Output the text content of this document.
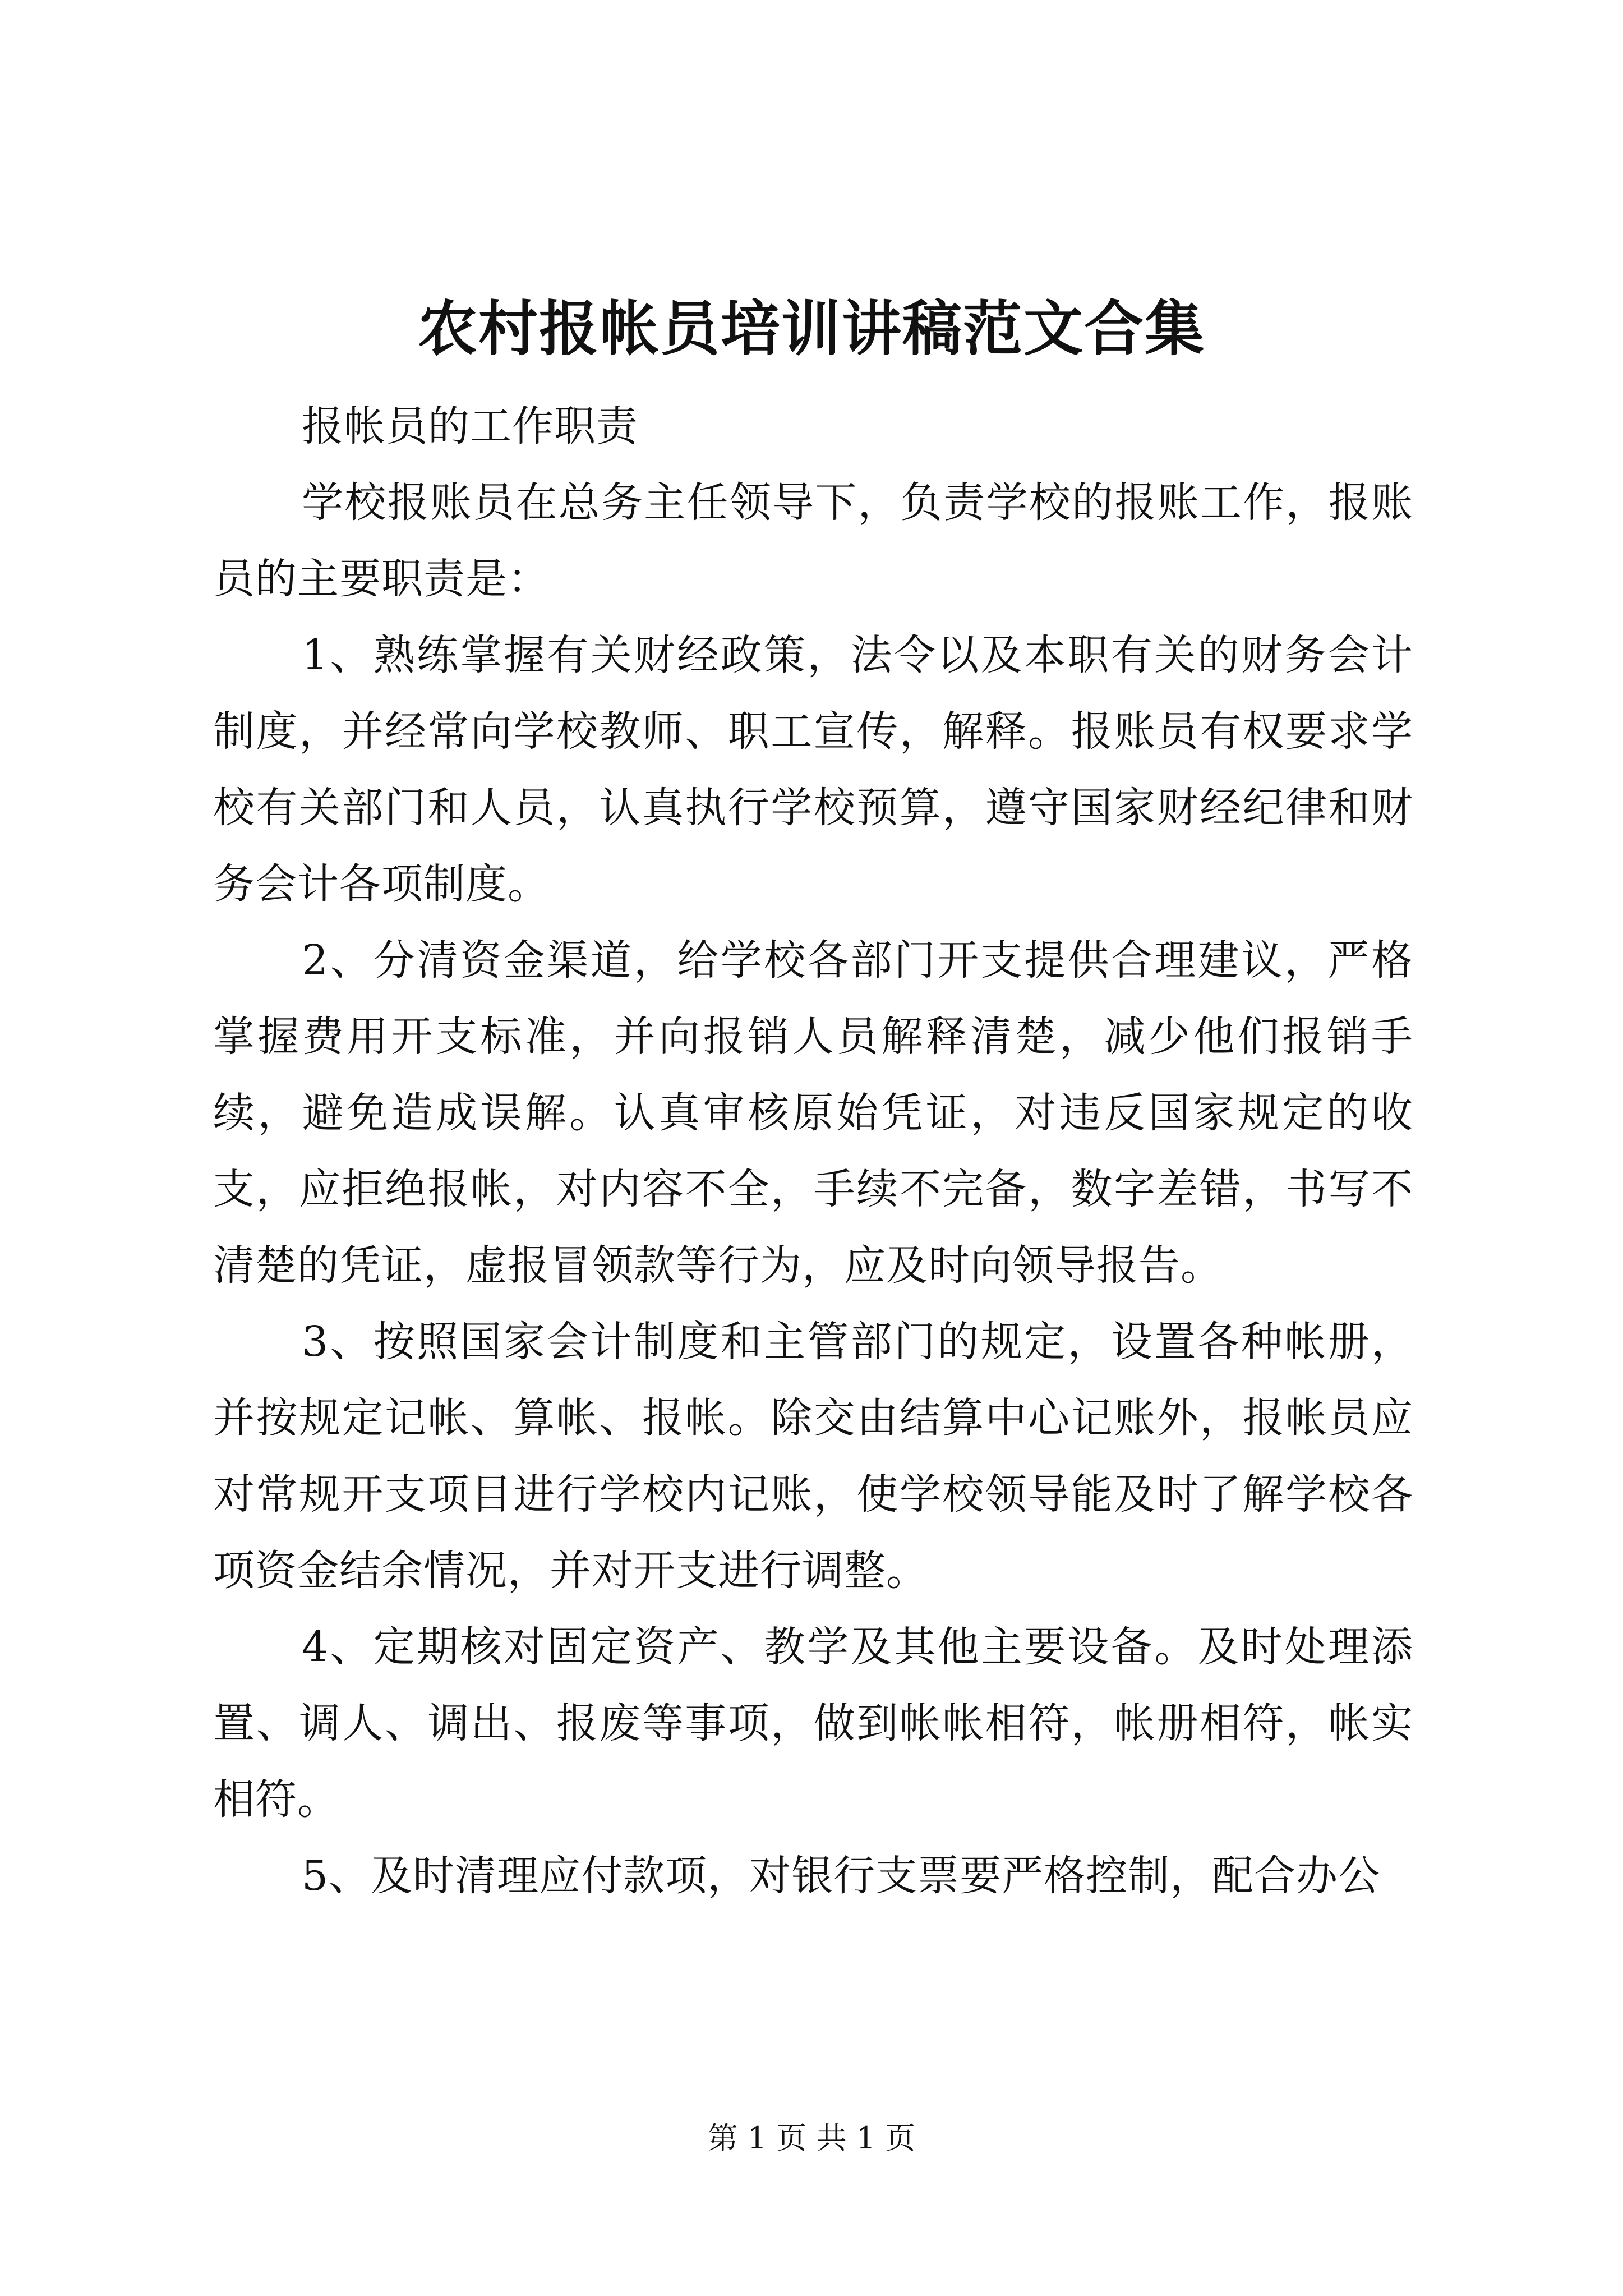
农村报帐员培训讲稿范文合集

报帐员的工作职责

学校报账员在总务主任领导下，负责学校的报账工作，报账员的主要职责是：

1、熟练掌握有关财经政策，法令以及本职有关的财务会计制度，并经常向学校教师、职工宣传，解释。报账员有权要求学校有关部门和人员，认真执行学校预算，遵守国家财经纪律和财务会计各项制度。

2、分清资金渠道，给学校各部门开支提供合理建议，严格掌握费用开支标准，并向报销人员解释清楚，减少他们报销手续，避免造成误解。认真审核原始凭证，对违反国家规定的收支，应拒绝报帐，对内容不全，手续不完备，数字差错，书写不清楚的凭证，虚报冒领款等行为，应及时向领导报告。

3、按照国家会计制度和主管部门的规定，设置各种帐册，并按规定记帐、算帐、报帐。除交由结算中心记账外，报帐员应对常规开支项目进行学校内记账，使学校领导能及时了解学校各项资金结余情况，并对开支进行调整。

4、定期核对固定资产、教学及其他主要设备。及时处理添置、调人、调出、报废等事项，做到帐帐相符，帐册相符，帐实相符。

5、及时清理应付款项，对银行支票要严格控制，配合办公

第 1 页 共 1 页
